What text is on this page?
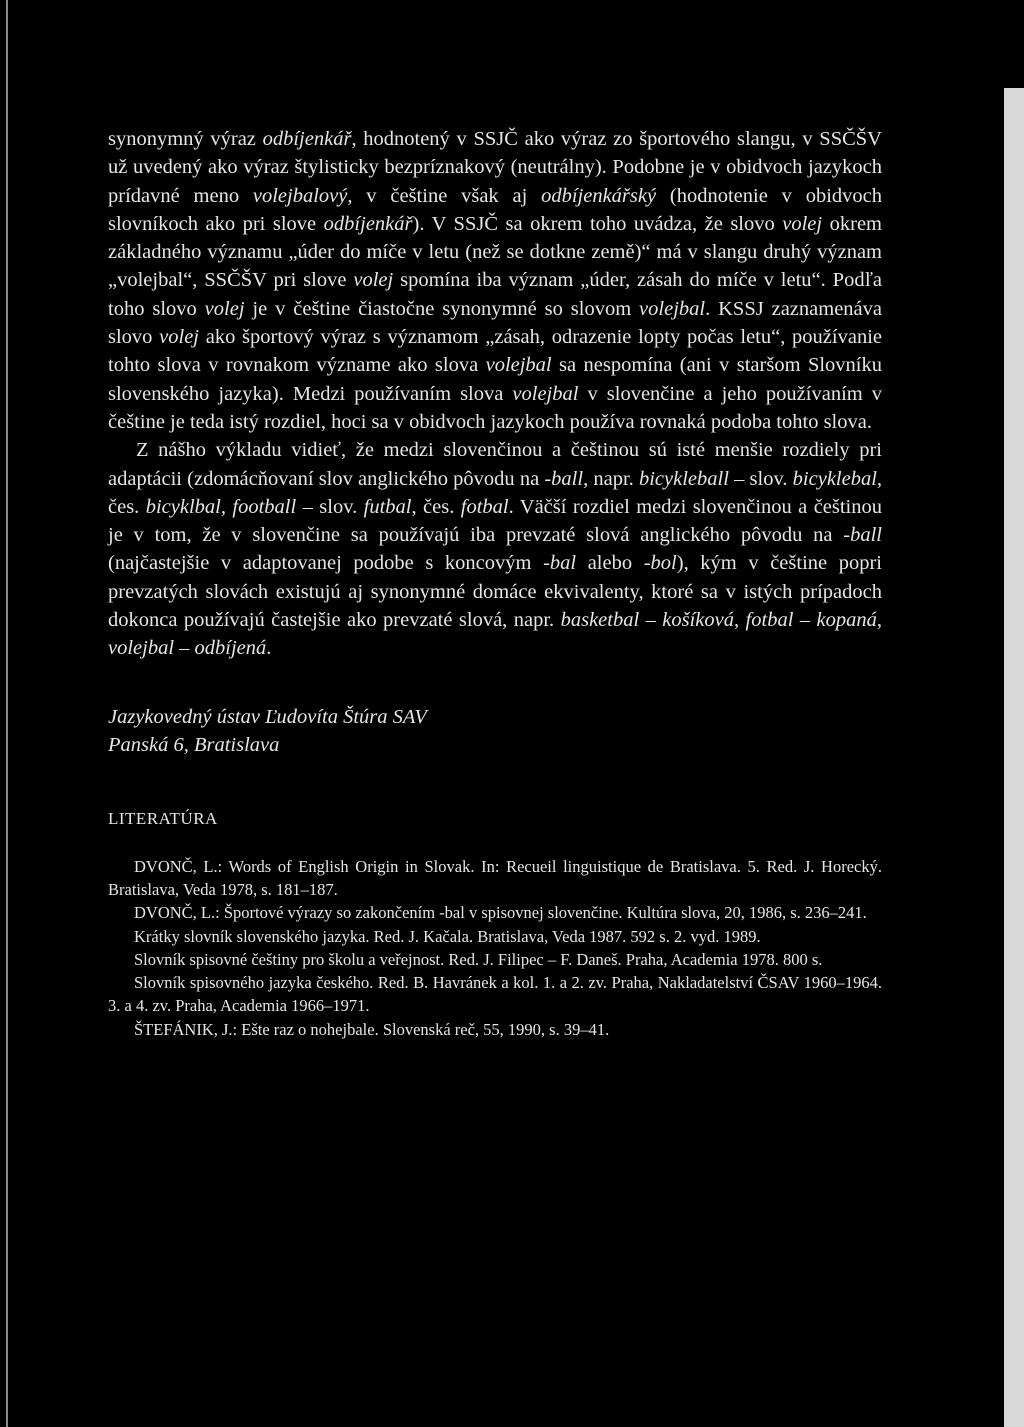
synonymný výraz odbíjenkář, hodnotený v SSJČ ako výraz zo športového slangu, v SSČŠV už uvedený ako výraz štylisticky bezpríznakový (neutrálny). Podobne je v obidvoch jazykoch prídavné meno volejbalový, v češtine však aj odbíjenkářský (hodnotenie v obidvoch slovníkoch ako pri slove odbíjenkář). V SSJČ sa okrem toho uvádza, že slovo volej okrem základného významu „úder do míče v letu (než se dotkne země)“ má v slangu druhý význam „volejbal“, SSČŠV pri slove volej spomína iba význam „úder, zásah do míče v letu“. Podľa toho slovo volej je v češtine čiastočne synonymné so slovom volejbal. KSSJ zaznamenáva slovo volej ako športový výraz s významom „zásah, odrazenie lopty počas letu“, používanie tohto slova v rovnakom význame ako slova volejbal sa nespomína (ani v staršom Slovníku slovenského jazyka). Medzi používaním slova volejbal v slovenčine a jeho používaním v češtine je teda istý rozdiel, hoci sa v obidvoch jazykoch používa rovnaká podoba tohto slova.

Z nášho výkladu vidieť, že medzi slovenčinou a češtinou sú isté menšie rozdiely pri adaptácii (zdomácňovaní slov anglického pôvodu na -ball, napr. bicykleball – slov. bicyklebal, čes. bicyklbal, football – slov. futbal, čes. fotbal. Väčší rozdiel medzi slovenčinou a češtinou je v tom, že v slovenčine sa používajú iba prevzaté slová anglického pôvodu na -ball (najčastejšie v adaptovanej podobe s koncovým -bal alebo -bol), kým v češtine popri prevzatých slovách existujú aj synonymné domáce ekvivalenty, ktoré sa v istých prípadoch dokonca používajú častejšie ako prevzaté slová, napr. basketbal – košíková, fotbal – kopaná, volejbal – odbíjená.

Jazykovedný ústav Ľudovíta Štúra SAV
Panská 6, Bratislava
LITERATÚRA
DVONČ, L.: Words of English Origin in Slovak. In: Recueil linguistique de Bratislava. 5. Red. J. Horecký. Bratislava, Veda 1978, s. 181–187.
DVONČ, L.: Športové výrazy so zakončením -bal v spisovnej slovenčine. Kultúra slova, 20, 1986, s. 236–241.
Krátky slovník slovenského jazyka. Red. J. Kačala. Bratislava, Veda 1987. 592 s. 2. vyd. 1989.
Slovník spisovné češtiny pro školu a veřejnost. Red. J. Filipec – F. Daneš. Praha, Academia 1978. 800 s.
Slovník spisovného jazyka českého. Red. B. Havránek a kol. 1. a 2. zv. Praha, Nakladatelství ČSAV 1960–1964. 3. a 4. zv. Praha, Academia 1966–1971.
ŠTEFÁNIK, J.: Ešte raz o nohejbale. Slovenská reč, 55, 1990, s. 39–41.
